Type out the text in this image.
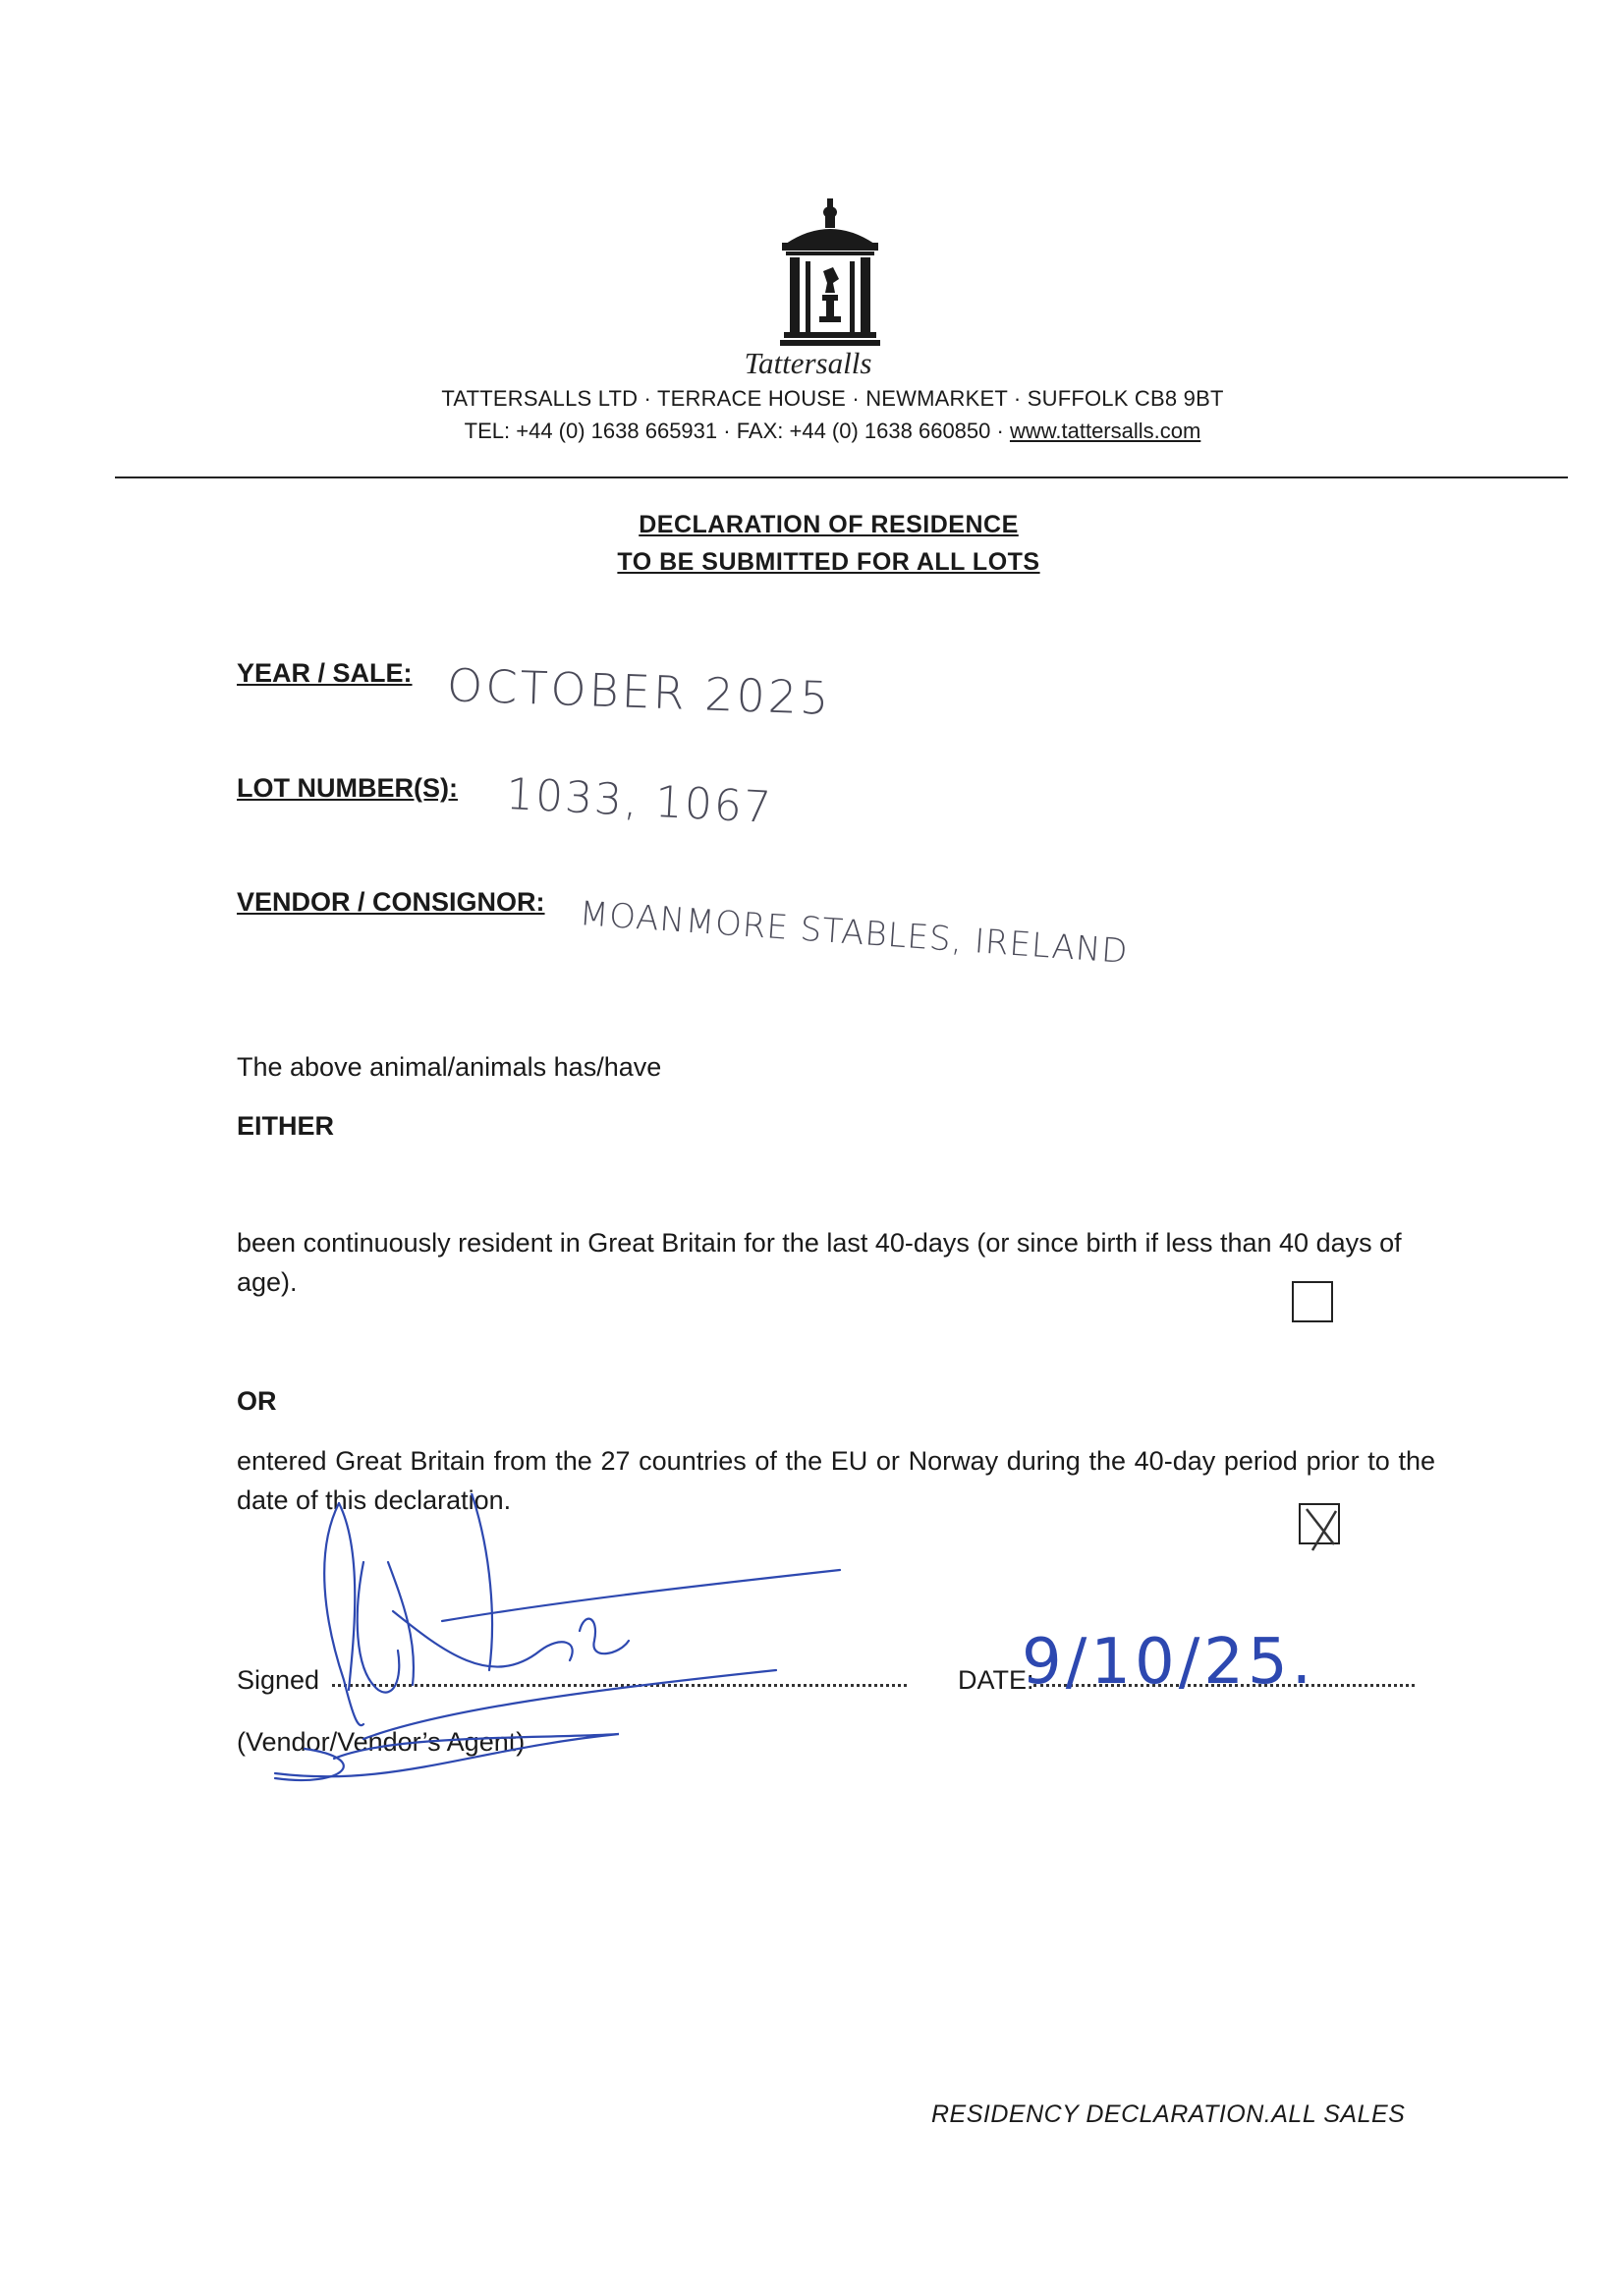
Tattersalls
TATTERSALLS LTD · TERRACE HOUSE · NEWMARKET · SUFFOLK CB8 9BT
TEL: +44 (0) 1638 665931 · FAX: +44 (0) 1638 660850 · www.tattersalls.com
DECLARATION OF RESIDENCE
TO BE SUBMITTED FOR ALL LOTS
YEAR / SALE: OCTOBER 2025
LOT NUMBER(S): 1033, 1067
VENDOR / CONSIGNOR: MOANMORE STABLES, IRELAND
The above animal/animals has/have
EITHER
been continuously resident in Great Britain for the last 40-days (or since birth if less than 40 days of age).
OR
entered Great Britain from the 27 countries of the EU or Norway during the 40-day period prior to the date of this declaration.
Signed	DATE:
(Vendor/Vendor’s Agent)
9/10/25.
RESIDENCY DECLARATION.ALL SALES
